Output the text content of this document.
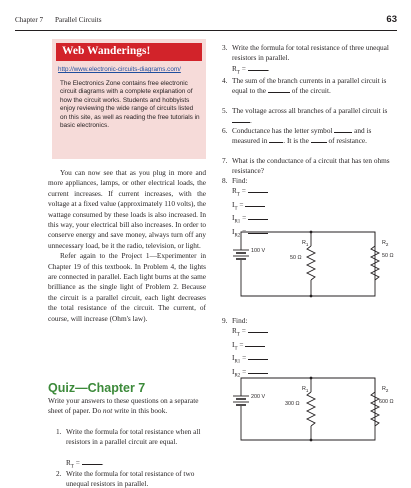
Chapter 7 Parallel Circuits	63
Web Wanderings!
http://www.electronic-circuits-diagrams.com/
The Electronics Zone contains free electronic circuit diagrams with a complete explanation of how the circuit works. Students and hobbyists enjoy reviewing the wide range of circuits listed on this site, as well as reading the free tutorials in basic electronics.

You can now see that as you plug in more and more appliances, lamps, or other electrical loads, the current increases. If current increases, with the voltage at a fixed value (approximately 110 volts), the wattage consumed by these loads is also increased. In this way, your electrical bill also increases. In order to conserve energy and save money, always turn off any unnecessary load, be it the radio, television, or light.

Refer again to the Project 1—Experimenter in Chapter 19 of this textbook. In Problem 4, the lights are connected in parallel. Each light burns at the same brilliance as the single light of Problem 2. Because the circuit is a parallel circuit, each light decreases the total resistance of the circuit. The current, of course, will increase (Ohm's law).

Quiz—Chapter 7
Write your answers to these questions on a separate sheet of paper. Do not write in this book.
1. Write the formula for total resistance when all resistors in a parallel circuit are equal.
$R_T$ =	.
2. Write the formula for total resistance of two unequal resistors in parallel.
3. Write the formula for total resistance of three unequal resistors in parallel.
$R_T$ =	.
4. The sum of the branch currents in a parallel circuit is equal to the	of the circuit.
5. The voltage across all branches of a parallel circuit is .
6. Conductance has the letter symbol	and is measured in . It is the	of resistance.
7. What is the conductance of a circuit that has ten ohms resistance?
8. Find:
$R_T$ =
$I_T$ =
$I_{R1}$ =
$I_{R2}$ =
100 V
$R_1$
50 Ω
$R_2$
50 Ω
9. Find:
$R_T$ =
$I_T$ =
$I_{R1}$ =
$I_{R2}$ =
200 V
$R_1$
300 Ω
$R_2$
600 Ω
